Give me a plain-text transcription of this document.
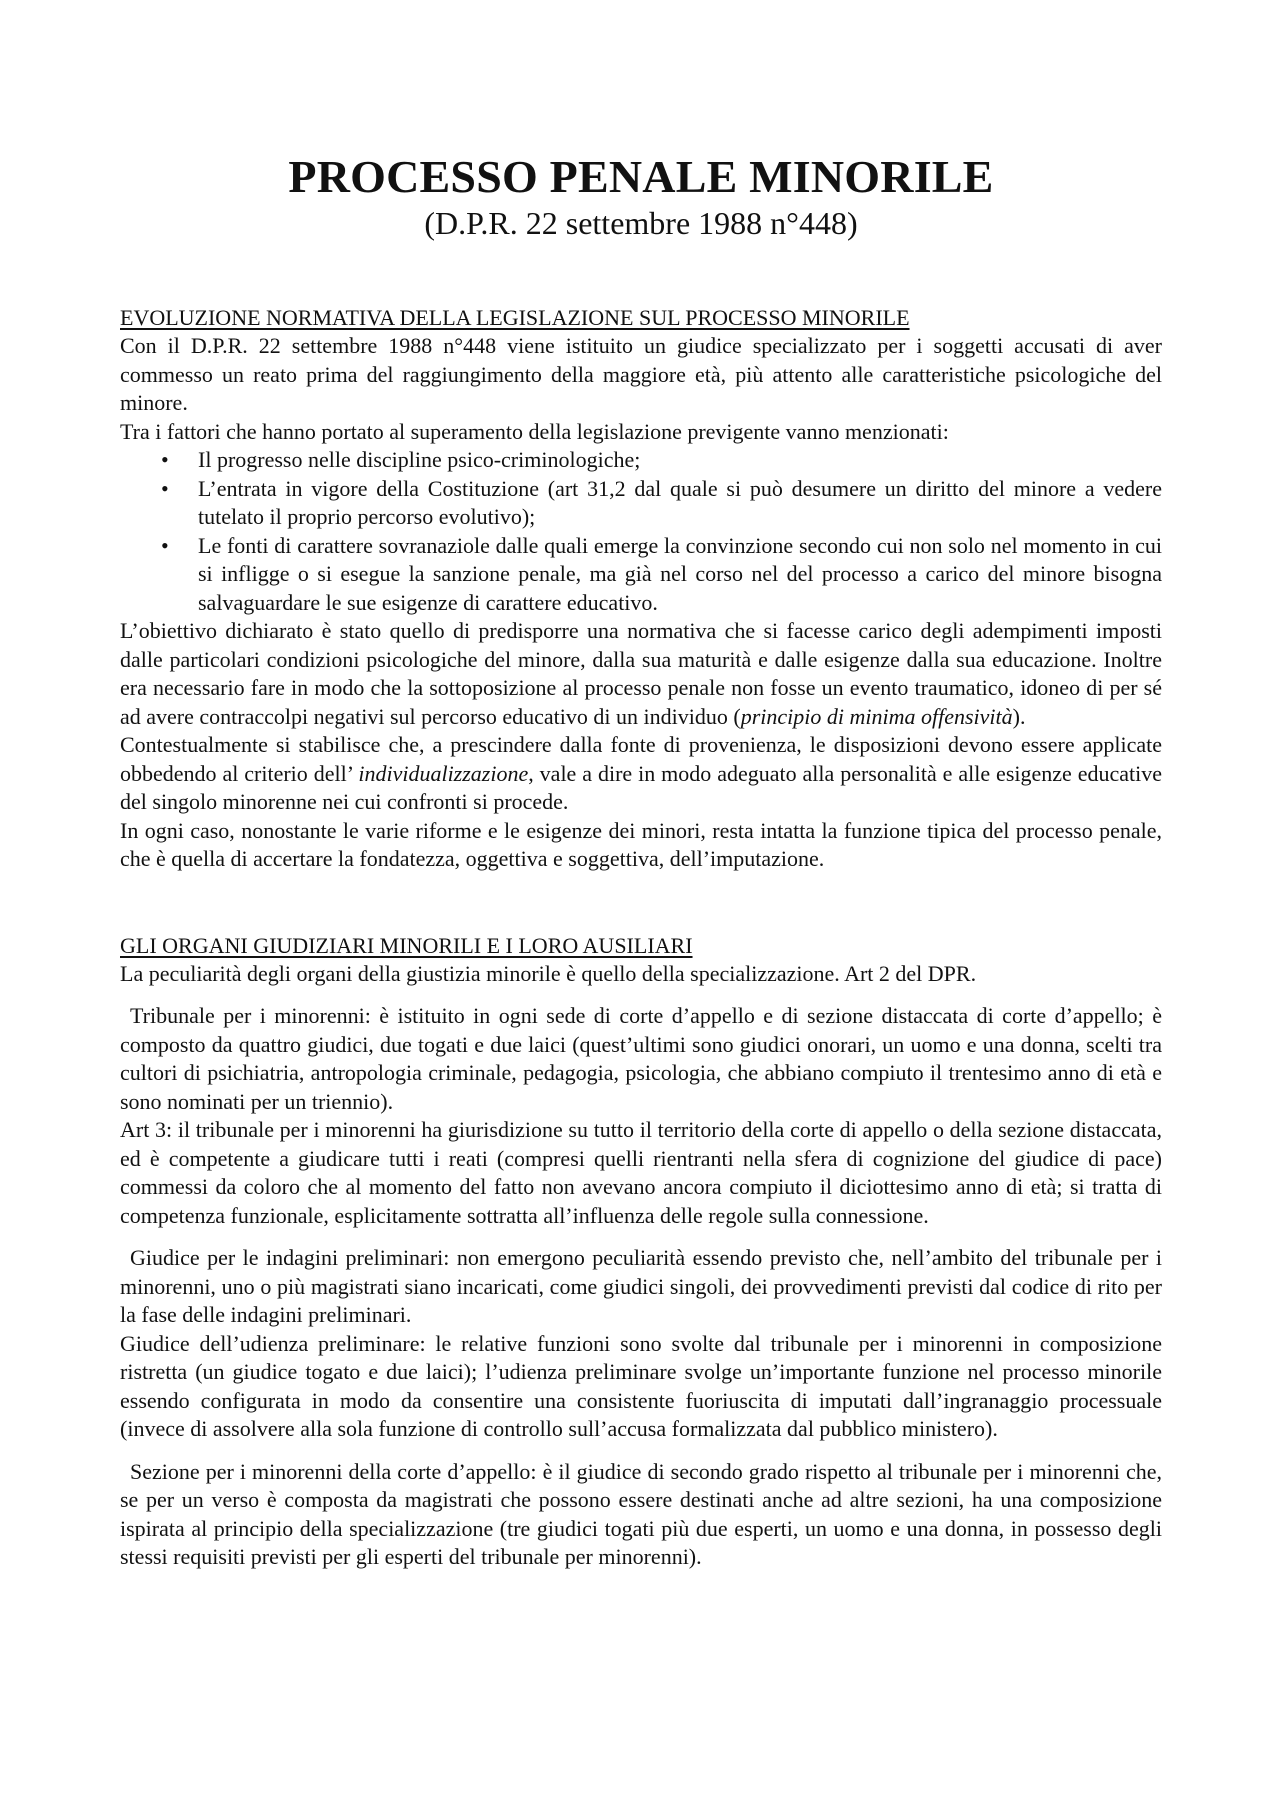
PROCESSO PENALE MINORILE
(D.P.R. 22 settembre 1988 n°448)
EVOLUZIONE NORMATIVA DELLA LEGISLAZIONE SUL PROCESSO MINORILE

Con il D.P.R. 22 settembre 1988 n°448 viene istituito un giudice specializzato per i soggetti accusati di aver commesso un reato prima del raggiungimento della maggiore età, più attento alle caratteristiche psicologiche del minore.

Tra i fattori che hanno portato al superamento della legislazione previgente vanno menzionati:

• Il progresso nelle discipline psico-criminologiche;
• L’entrata in vigore della Costituzione (art 31,2 dal quale si può desumere un diritto del minore a vedere tutelato il proprio percorso evolutivo);
• Le fonti di carattere sovranaziole dalle quali emerge la convinzione secondo cui non solo nel momento in cui si infligge o si esegue la sanzione penale, ma già nel corso nel del processo a carico del minore bisogna salvaguardare le sue esigenze di carattere educativo.

L’obiettivo dichiarato è stato quello di predisporre una normativa che si facesse carico degli adempimenti imposti dalle particolari condizioni psicologiche del minore, dalla sua maturità e dalle esigenze dalla sua educazione. Inoltre era necessario fare in modo che la sottoposizione al processo penale non fosse un evento traumatico, idoneo di per sé ad avere contraccolpi negativi sul percorso educativo di un individuo (principio di minima offensività).

Contestualmente si stabilisce che, a prescindere dalla fonte di provenienza, le disposizioni devono essere applicate obbedendo al criterio dell’ individualizzazione, vale a dire in modo adeguato alla personalità e alle esigenze educative del singolo minorenne nei cui confronti si procede.

In ogni caso, nonostante le varie riforme e le esigenze dei minori, resta intatta la funzione tipica del processo penale, che è quella di accertare la fondatezza, oggettiva e soggettiva, dell’imputazione.

GLI ORGANI GIUDIZIARI MINORILI E I LORO AUSILIARI

La peculiarità degli organi della giustizia minorile è quello della specializzazione. Art 2 del DPR.

Tribunale per i minorenni: è istituito in ogni sede di corte d’appello e di sezione distaccata di corte d’appello; è composto da quattro giudici, due togati e due laici (quest’ultimi sono giudici onorari, un uomo e una donna, scelti tra cultori di psichiatria, antropologia criminale, pedagogia, psicologia, che abbiano compiuto il trentesimo anno di età e sono nominati per un triennio).

Art 3: il tribunale per i minorenni ha giurisdizione su tutto il territorio della corte di appello o della sezione distaccata, ed è competente a giudicare tutti i reati (compresi quelli rientranti nella sfera di cognizione del giudice di pace) commessi da coloro che al momento del fatto non avevano ancora compiuto il diciottesimo anno di età; si tratta di competenza funzionale, esplicitamente sottratta all’influenza delle regole sulla connessione.

Giudice per le indagini preliminari: non emergono peculiarità essendo previsto che, nell’ambito del tribunale per i minorenni, uno o più magistrati siano incaricati, come giudici singoli, dei provvedimenti previsti dal codice di rito per la fase delle indagini preliminari.

Giudice dell’udienza preliminare: le relative funzioni sono svolte dal tribunale per i minorenni in composizione ristretta (un giudice togato e due laici); l’udienza preliminare svolge un’importante funzione nel processo minorile essendo configurata in modo da consentire una consistente fuoriuscita di imputati dall’ingranaggio processuale (invece di assolvere alla sola funzione di controllo sull’accusa formalizzata dal pubblico ministero).

Sezione per i minorenni della corte d’appello: è il giudice di secondo grado rispetto al tribunale per i minorenni che, se per un verso è composta da magistrati che possono essere destinati anche ad altre sezioni, ha una composizione ispirata al principio della specializzazione (tre giudici togati più due esperti, un uomo e una donna, in possesso degli stessi requisiti previsti per gli esperti del tribunale per minorenni).
